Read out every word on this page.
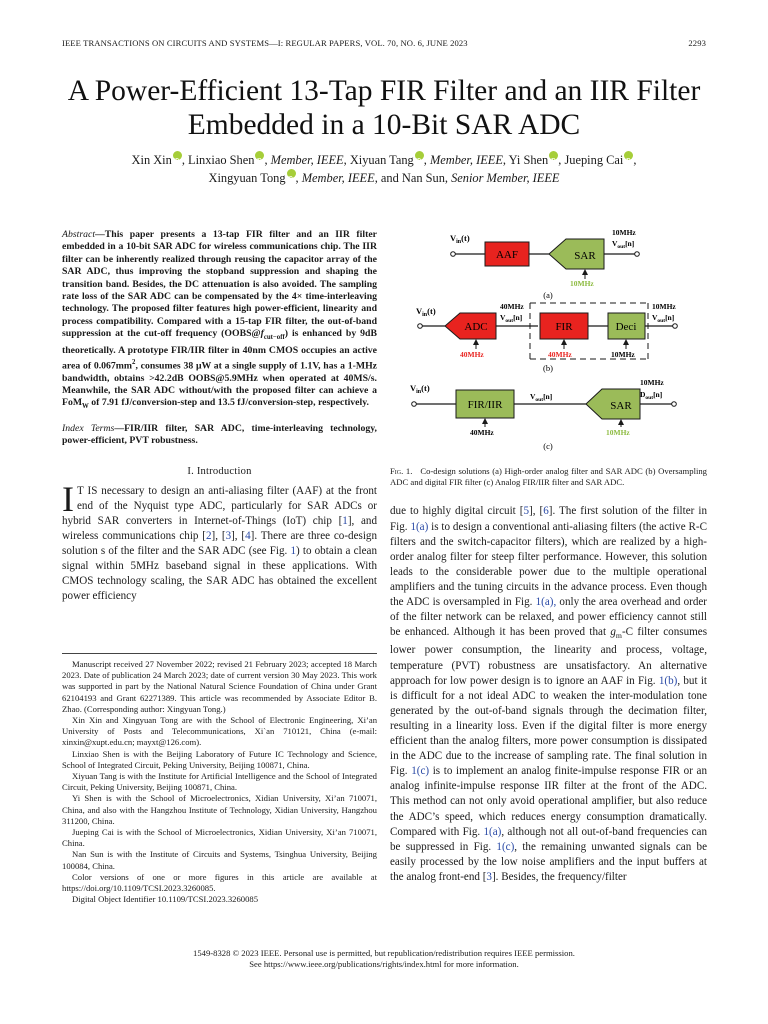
IEEE TRANSACTIONS ON CIRCUITS AND SYSTEMS—I: REGULAR PAPERS, VOL. 70, NO. 6, JUNE 2023	2293
A Power-Efficient 13-Tap FIR Filter and an IIR Filter Embedded in a 10-Bit SAR ADC
Xin Xin iD , Linxiao Shen iD , Member, IEEE, Xiyuan Tang iD , Member, IEEE, Yi Shen iD , Jueping Cai iD ,
Xingyuan Tong iD , Member, IEEE, and Nan Sun, Senior Member, IEEE
Abstract—This paper presents a 13-tap FIR filter and an IIR filter embedded in a 10-bit SAR ADC for wireless communications chip. The IIR filter can be inherently realized through reusing the capacitor array of the SAR ADC, thus improving the stopband suppression and shaping the transition band. Besides, the DC attenuation is also avoided. The sampling rate loss of the SAR ADC can be compensated by the 4× time-interleaving technology. The proposed filter features high power-efficient, linearity and process compatibility. Compared with a 15-tap FIR filter, the out-of-band suppression at the cut-off frequency $(OOBS@f_{cut-off})$ is enhanced by 9dB theoretically. A prototype FIR/IIR filter in 40nm CMOS occupies an active area of $0.067mm^2$, consumes 38 μW at a single supply of 1.1V, has a 1-MHz bandwidth, obtains >42.2dB OOBS@5.9MHz when operated at 40MS/s. Meanwhile, the SAR ADC without/with the proposed filter can achieve a FoM$_W$ of 7.91 fJ/conversion-step and 13.5 fJ/conversion-step, respectively.
Index Terms—FIR/IIR filter, SAR ADC, time-interleaving technology, power-efficient, PVT robustness.
I. Introduction
I T IS necessary to design an anti-aliasing filter (AAF) at the front end of the Nyquist type ADC, particularly for SAR ADCs or hybrid SAR converters in Internet-of-Things (IoT) chip [1], and wireless communications chip [2], [3], [4]. There are three co-design solution s of the filter and the SAR ADC (see Fig. 1) to obtain a clean signal within 5MHz baseband signal in these applications. With CMOS technology scaling, the SAR ADC has obtained the excellent power efficiency

Manuscript received 27 November 2022; revised 21 February 2023; accepted 18 March 2023. Date of publication 24 March 2023; date of current version 30 May 2023. This work was supported in part by the National Natural Science Foundation of China under Grant 62104193 and Grant 62271389. This article was recommended by Associate Editor B. Zhao. (Corresponding author: Xingyuan Tong.)

Xin Xin and Xingyuan Tong are with the School of Electronic Engineering, Xi’an University of Posts and Telecommunications, Xi`an 710121, China (e-mail: xinxin@xupt.edu.cn; mayxt@126.com).

Linxiao Shen is with the Beijing Laboratory of Future IC Technology and Science, School of Integrated Circuit, Peking University, Beijing 100871, China.

Xiyuan Tang is with the Institute for Artificial Intelligence and the School of Integrated Circuit, Peking University, Beijing 100871, China.

Yi Shen is with the School of Microelectronics, Xidian University, Xi’an 710071, China, and also with the Hangzhou Institute of Technology, Xidian University, Hangzhou 311200, China.

Jueping Cai is with the School of Microelectronics, Xidian University, Xi’an 710071, China.

Nan Sun is with the Institute of Circuits and Systems, Tsinghua University, Beijing 100084, China.

Color versions of one or more figures in this article are available at https://doi.org/10.1109/TCSI.2023.3260085.

Digital Object Identifier 10.1109/TCSI.2023.3260085

$V_{in}(t)$
AAF	SAR
10MHz
$V_{out}[n]$
10MHz
(a)
$V_{in}(t)$
ADC
40MHz
$V_{out}[n]$
FIR	Deci
10MHz
$V_{out}[n]$
40MHz	40MHz	10MHz
(b)
$V_{in}(t)$
FIR/IIR
$V_{out}[n]$
SAR
10MHz
$D_{out}[n]$
40MHz	10MHz
(c)
Fig. 1. Co-design solutions (a) High-order analog filter and SAR ADC (b) Oversampling ADC and digital FIR filter (c) Analog FIR/IIR filter and SAR ADC.
due to highly digital circuit [5], [6]. The first solution of the filter in Fig. 1(a) is to design a conventional anti-aliasing filters (the active R-C filters and the switch-capacitor filters), which are realized by a high-order analog filter for steep filter performance. However, this solution leads to the considerable power due to the multiple operational amplifiers and the tuning circuits in the advance process. Even though the ADC is oversampled in Fig. 1(a), only the area overhead and order of the filter network can be relaxed, and power efficiency cannot still be enhanced. Although it has been proved that $g_m-C$ filter consumes lower power consumption, the linearity and process, voltage, temperature (PVT) robustness are unsatisfactory. An alternative approach for low power design is to ignore an AAF in Fig. 1(b), but it is difficult for a not ideal ADC to weaken the inter-modulation tone generated by the out-of-band signals through the decimation filter, resulting in a linearity loss. Even if the digital filter is more energy efficient than the analog filters, more power consumption is dissipated in the ADC due to the increase of sampling rate. The final solution in Fig. 1(c) is to implement an analog finite-impulse response FIR or an analog infinite-impulse response IIR filter at the front of the ADC. This method can not only avoid operational amplifier, but also reduce the ADC’s speed, which reduces energy consumption dramatically. Compared with Fig. 1(a), although not all out-of-band frequencies can be suppressed in Fig. 1(c), the remaining unwanted signals can be easily processed by the low noise amplifiers and the input buffers at the analog front-end [3]. Besides, the frequency/filter
1549-8328 © 2023 IEEE. Personal use is permitted, but republication/redistribution requires IEEE permission.
See https://www.ieee.org/publications/rights/index.html for more information.
